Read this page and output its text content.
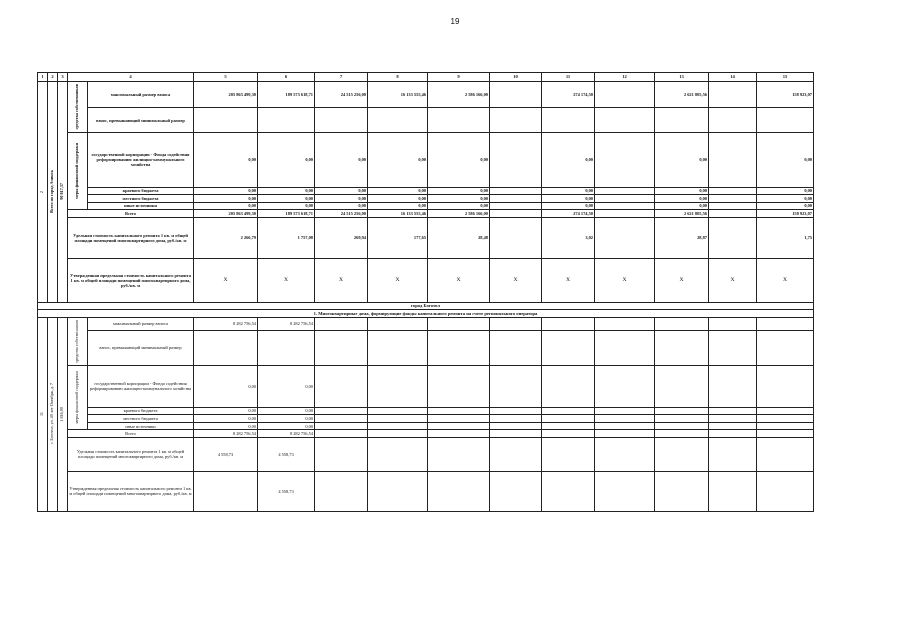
19
1	2	3	4		5	6	7	8	9	10	11	12	13	14	15
2	Всего по город Ачинск	90 817,37	средства собственников	максимальный размер взноса	205 863 499,30	189 573 618,71	24 515 256,00	16 133 555,46	2 586 166,00		274 174,50		2 621 805,56		158 923,07
				взнос, превышающий минимальный размер											
			меры финансовой поддержки	государственной корпорации - Фонда содействия реформированию жилищно-коммунального хозяйства	0,00	0,00	0,00	0,00	0,00		0,00		0,00		0,00
				краевого бюджета	0,00	0,00	0,00	0,00	0,00		0,00		0,00		0,00
				местного бюджета	0,00	0,00	0,00	0,00	0,00		0,00		0,00		0,00
				иные источники	0,00	0,00	0,00	0,00	0,00		0,00		0,00		0,00
			Всего		205 863 499,30	189 573 618,71	24 515 256,00	16 133 555,46	2 586 166,00		274 174,50		2 621 805,56		158 923,07
			Удельная стоимость капитального ремонта 1 кв. м общей площади помещений многоквартирного дома, руб./кв. м		2 266,79	1 757,08	269,94	177,65	28,48		3,02		28,87		1,75
			Утвержденная предельная стоимость капитального ремонта 1 кв. м общей площади помещений многоквартирного дома, руб./кв. м		X	X	X	X	X	X	X	X	X	X	X
город Боготол															
1. Многоквартирные дома, формирующие фонды капитального ремонта на счете регионального оператора															
11	г. Боготол, ул. 40 лет Октября, д. 7	1 816,90	средства собственников	максимальный размер взноса	8 282 756,54	8 282 756,54									
				взнос, превышающий минимальный размер											
			меры финансовой поддержки	государственной корпорации - Фонда содействия реформированию жилищно-коммунального хозяйства	0,00	0,00									
				краевого бюджета	0,00	0,00									
				местного бюджета	0,00	0,00									
				иные источники	0,00	0,00									
			Всего		8 282 756,54	8 282 756,54									
			Удельная стоимость капитального ремонта 1 кв. м общей площади помещений многоквартирного дома, руб./кв. м		4 558,73	4 558,73									
			Утвержденная предельная стоимость капитального ремонта 1 кв. м общей площади помещений многоквартирного дома, руб./кв. м			4 558,73									
